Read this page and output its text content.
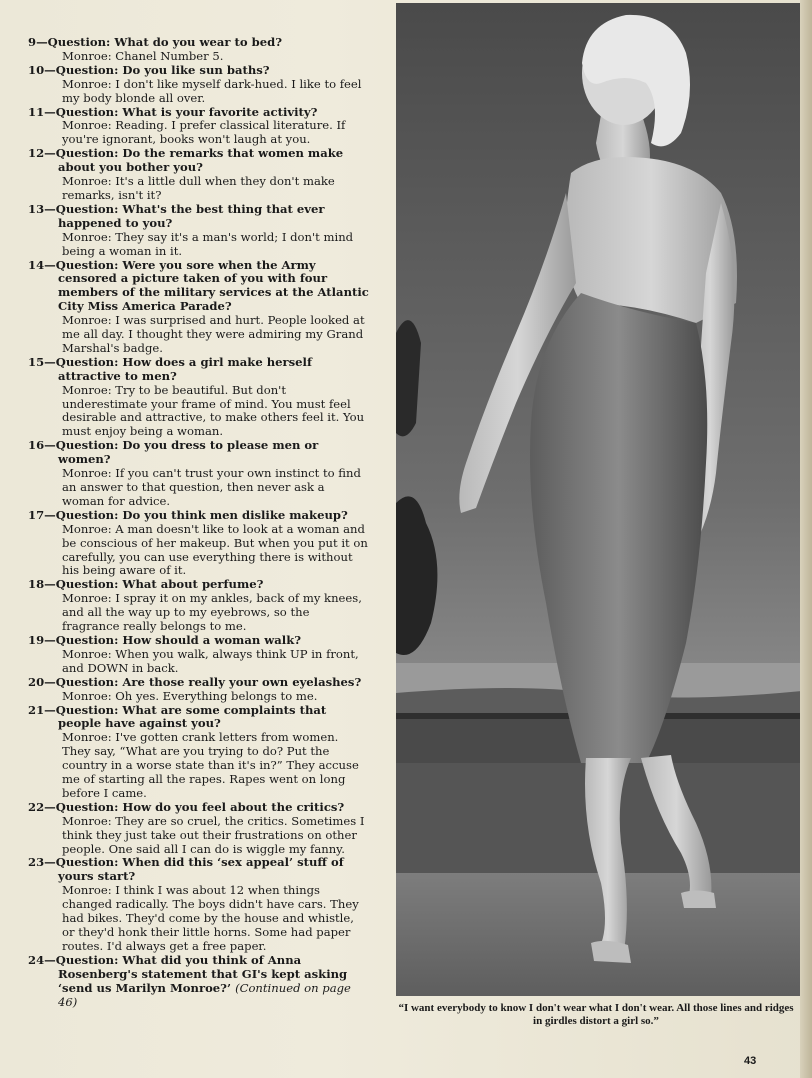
9—Question: What do you wear to bed?

Monroe: Chanel Number 5.

10—Question: Do you like sun baths?

Monroe: I don't like myself dark-hued. I like to feel my body blonde all over.

11—Question: What is your favorite activity?

Monroe: Reading. I prefer classical literature. If you're ignorant, books won't laugh at you.

12—Question: Do the remarks that women make about you bother you?

Monroe: It's a little dull when they don't make remarks, isn't it?

13—Question: What's the best thing that ever happened to you?

Monroe: They say it's a man's world; I don't mind being a woman in it.

14—Question: Were you sore when the Army censored a picture taken of you with four members of the military services at the Atlantic City Miss America Parade?

Monroe: I was surprised and hurt. People looked at me all day. I thought they were admiring my Grand Marshal's badge.

15—Question: How does a girl make herself attractive to men?

Monroe: Try to be beautiful. But don't underestimate your frame of mind. You must feel desirable and attractive, to make others feel it. You must enjoy being a woman.

16—Question: Do you dress to please men or women?

Monroe: If you can't trust your own instinct to find an answer to that question, then never ask a woman for advice.

17—Question: Do you think men dislike makeup?

Monroe: A man doesn't like to look at a woman and be conscious of her makeup. But when you put it on carefully, you can use everything there is without his being aware of it.

18—Question: What about perfume?

Monroe: I spray it on my ankles, back of my knees, and all the way up to my eyebrows, so the fragrance really belongs to me.

19—Question: How should a woman walk?

Monroe: When you walk, always think UP in front, and DOWN in back.

20—Question: Are those really your own eyelashes?

Monroe: Oh yes. Everything belongs to me.

21—Question: What are some complaints that people have against you?

Monroe: I've gotten crank letters from women. They say, “What are you trying to do? Put the country in a worse state than it's in?” They accuse me of starting all the rapes. Rapes went on long before I came.

22—Question: How do you feel about the critics?

Monroe: They are so cruel, the critics. Sometimes I think they just take out their frustrations on other people. One said all I can do is wiggle my fanny.

23—Question: When did this ‘sex appeal’ stuff of yours start?

Monroe: I think I was about 12 when things changed radically. The boys didn't have cars. They had bikes. They'd come by the house and whistle, or they'd honk their little horns. Some had paper routes. I'd always get a free paper.

24—Question: What did you think of Anna Rosenberg's statement that GI's kept asking ‘send us Marilyn Monroe?’ (Continued on page 46)	“I want everybody to know I don't wear what I don't wear. All those lines and ridges in girdles distort a girl so.”
43
